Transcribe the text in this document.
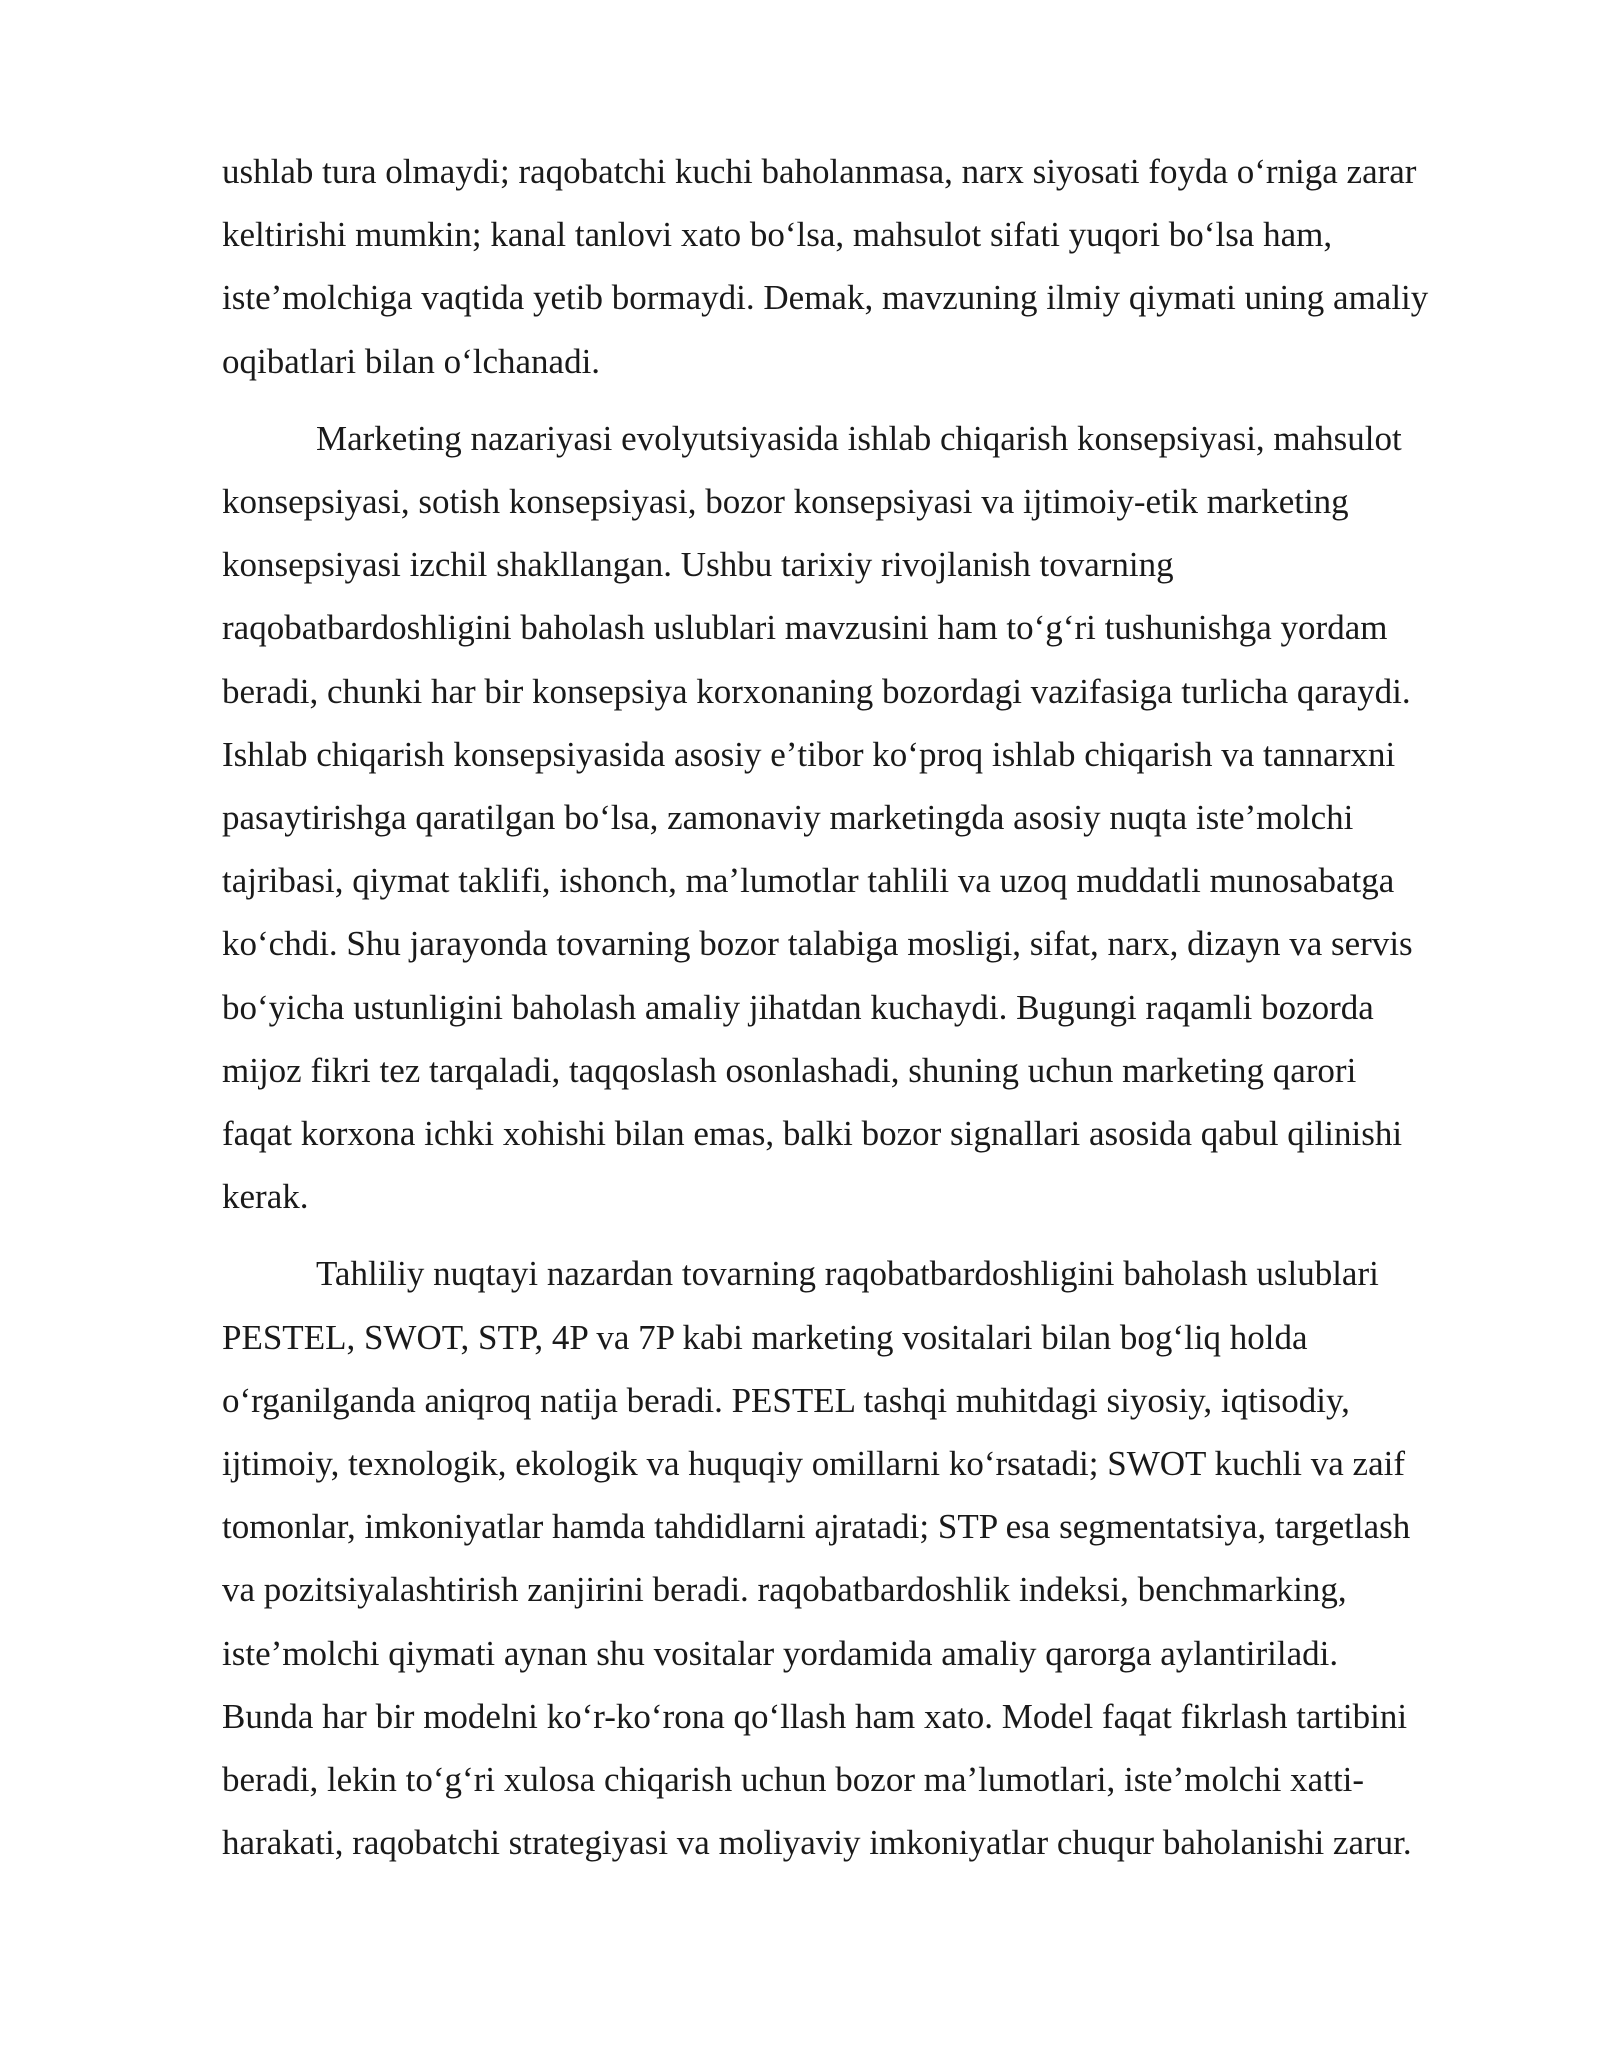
ushlab tura olmaydi; raqobatchi kuchi baholanmasa, narx siyosati foyda oʻrniga zarar
keltirishi mumkin; kanal tanlovi xato boʻlsa, mahsulot sifati yuqori boʻlsa ham,
isteʼmolchiga vaqtida yetib bormaydi. Demak, mavzuning ilmiy qiymati uning amaliy
oqibatlari bilan oʻlchanadi.

Marketing nazariyasi evolyutsiyasida ishlab chiqarish konsepsiyasi, mahsulot
konsepsiyasi, sotish konsepsiyasi, bozor konsepsiyasi va ijtimoiy-etik marketing
konsepsiyasi izchil shakllangan. Ushbu tarixiy rivojlanish tovarning
raqobatbardoshligini baholash uslublari mavzusini ham toʻgʻri tushunishga yordam
beradi, chunki har bir konsepsiya korxonaning bozordagi vazifasiga turlicha qaraydi.
Ishlab chiqarish konsepsiyasida asosiy eʼtibor koʻproq ishlab chiqarish va tannarxni
pasaytirishga qaratilgan boʻlsa, zamonaviy marketingda asosiy nuqta isteʼmolchi
tajribasi, qiymat taklifi, ishonch, maʼlumotlar tahlili va uzoq muddatli munosabatga
koʻchdi. Shu jarayonda tovarning bozor talabiga mosligi, sifat, narx, dizayn va servis
boʻyicha ustunligini baholash amaliy jihatdan kuchaydi. Bugungi raqamli bozorda
mijoz fikri tez tarqaladi, taqqoslash osonlashadi, shuning uchun marketing qarori
faqat korxona ichki xohishi bilan emas, balki bozor signallari asosida qabul qilinishi
kerak.

Tahliliy nuqtayi nazardan tovarning raqobatbardoshligini baholash uslublari
PESTEL, SWOT, STP, 4P va 7P kabi marketing vositalari bilan bogʻliq holda
oʻrganilganda aniqroq natija beradi. PESTEL tashqi muhitdagi siyosiy, iqtisodiy,
ijtimoiy, texnologik, ekologik va huquqiy omillarni koʻrsatadi; SWOT kuchli va zaif
tomonlar, imkoniyatlar hamda tahdidlarni ajratadi; STP esa segmentatsiya, targetlash
va pozitsiyalashtirish zanjirini beradi. raqobatbardoshlik indeksi, benchmarking,
isteʼmolchi qiymati aynan shu vositalar yordamida amaliy qarorga aylantiriladi.
Bunda har bir modelni koʻr-koʻrona qoʻllash ham xato. Model faqat fikrlash tartibini
beradi, lekin toʻgʻri xulosa chiqarish uchun bozor maʼlumotlari, isteʼmolchi xatti-
harakati, raqobatchi strategiyasi va moliyaviy imkoniyatlar chuqur baholanishi zarur.
